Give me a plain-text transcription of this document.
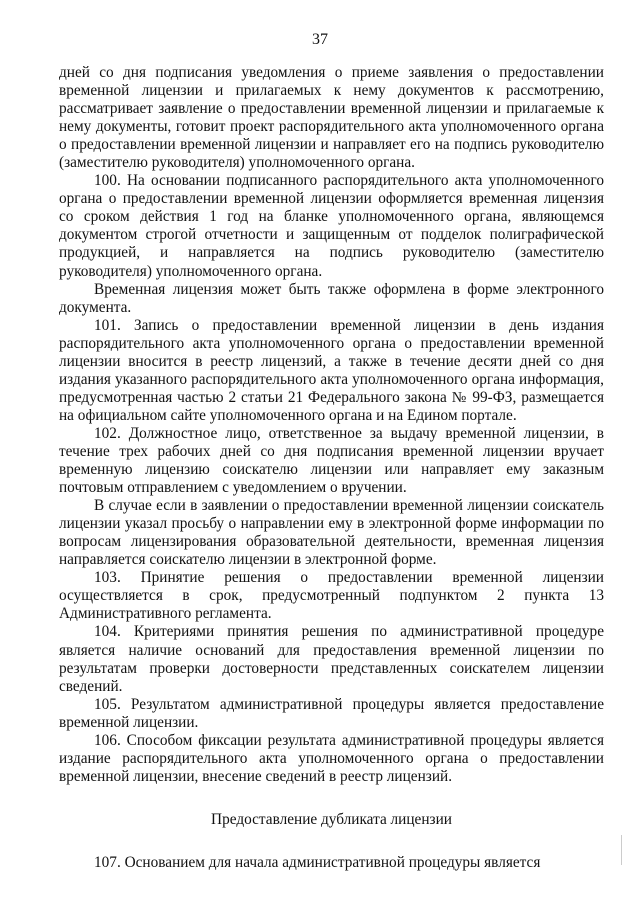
37

дней со дня подписания уведомления о приеме заявления о предоставлении временной лицензии и прилагаемых к нему документов к рассмотрению, рассматривает заявление о предоставлении временной лицензии и прилагаемые к нему документы, готовит проект распорядительного акта уполномоченного органа о предоставлении временной лицензии и направляет его на подпись руководителю (заместителю руководителя) уполномоченного органа.

100. На основании подписанного распорядительного акта уполномоченного органа о предоставлении временной лицензии оформляется временная лицензия со сроком действия 1 год на бланке уполномоченного органа, являющемся документом строгой отчетности и защищенным от подделок полиграфической продукцией, и направляется на подпись руководителю (заместителю руководителя) уполномоченного органа.

Временная лицензия может быть также оформлена в форме электронного документа.

101. Запись о предоставлении временной лицензии в день издания распорядительного акта уполномоченного органа о предоставлении временной лицензии вносится в реестр лицензий, а также в течение десяти дней со дня издания указанного распорядительного акта уполномоченного органа информация, предусмотренная частью 2 статьи 21 Федерального закона № 99-ФЗ, размещается на официальном сайте уполномоченного органа и на Едином портале.

102. Должностное лицо, ответственное за выдачу временной лицензии, в течение трех рабочих дней со дня подписания временной лицензии вручает временную лицензию соискателю лицензии или направляет ему заказным почтовым отправлением с уведомлением о вручении.

В случае если в заявлении о предоставлении временной лицензии соискатель лицензии указал просьбу о направлении ему в электронной форме информации по вопросам лицензирования образовательной деятельности, временная лицензия направляется соискателю лицензии в электронной форме.

103. Принятие решения о предоставлении временной лицензии осуществляется в срок, предусмотренный подпунктом 2 пункта 13 Административного регламента.

104. Критериями принятия решения по административной процедуре является наличие оснований для предоставления временной лицензии по результатам проверки достоверности представленных соискателем лицензии сведений.

105. Результатом административной процедуры является предоставление временной лицензии.

106. Способом фиксации результата административной процедуры является издание распорядительного акта уполномоченного органа о предоставлении временной лицензии, внесение сведений в реестр лицензий.

Предоставление дубликата лицензии

107. Основанием для начала административной процедуры является
